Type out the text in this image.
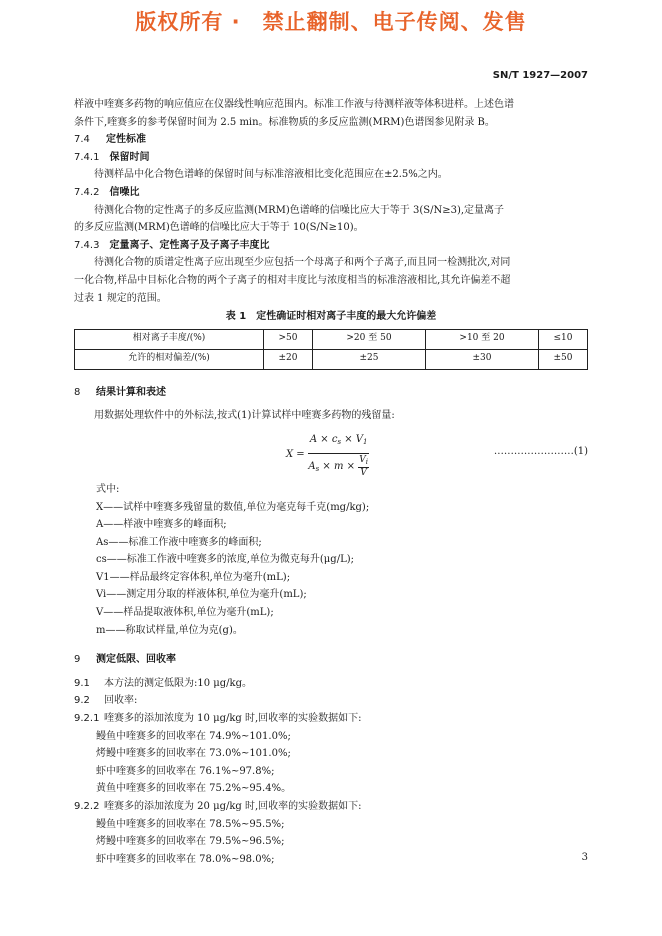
版权所有 ·　禁止翻制、电子传阅、发售
SN/T 1927—2007

样液中喹赛多药物的响应值应在仪器线性响应范围内。标准工作液与待测样液等体积进样。上述色谱

条件下,喹赛多的参考保留时间为 2.5 min。标准物质的多反应监测(MRM)色谱图参见附录 B。

7.4 定性标准

7.4.1 保留时间

待测样品中化合物色谱峰的保留时间与标准溶液相比变化范围应在±2.5%之内。

7.4.2 信噪比

待测化合物的定性离子的多反应监测(MRM)色谱峰的信噪比应大于等于 3(S/N≥3),定量离子

的多反应监测(MRM)色谱峰的信噪比应大于等于 10(S/N≥10)。

7.4.3 定量离子、定性离子及子离子丰度比

待测化合物的质谱定性离子应出现至少应包括一个母离子和两个子离子,而且同一检测批次,对同

一化合物,样品中目标化合物的两个子离子的相对丰度比与浓度相当的标准溶液相比,其允许偏差不超

过表 1 规定的范围。

表 1　定性确证时相对离子丰度的最大允许偏差

相对离子丰度/(%)	>50	>20 至 50	>10 至 20	≤10
允许的相对偏差/(%)	±20	±25	±30	±50

8 结果计算和表述

用数据处理软件中的外标法,按式(1)计算试样中喹赛多药物的残留量:

$X = \frac{A \times c_s \times V_1}{A_s \times m \times \frac{V_i}{V}}$	……………………(1)

式中:

X——试样中喹赛多残留量的数值,单位为毫克每千克(mg/kg);

A——样液中喹赛多的峰面积;

As——标准工作液中喹赛多的峰面积;

cs——标准工作液中喹赛多的浓度,单位为微克每升(μg/L);

V1——样品最终定容体积,单位为毫升(mL);

Vi——测定用分取的样液体积,单位为毫升(mL);

V——样品提取液体积,单位为毫升(mL);

m——称取试样量,单位为克(g)。

9 测定低限、回收率

9.1 本方法的测定低限为:10 μg/kg。

9.2 回收率:

9.2.1 喹赛多的添加浓度为 10 μg/kg 时,回收率的实验数据如下:

鳗鱼中喹赛多的回收率在 74.9%~101.0%;

烤鳗中喹赛多的回收率在 73.0%~101.0%;

虾中喹赛多的回收率在 76.1%~97.8%;

黄鱼中喹赛多的回收率在 75.2%~95.4%。

9.2.2 喹赛多的添加浓度为 20 μg/kg 时,回收率的实验数据如下:

鳗鱼中喹赛多的回收率在 78.5%~95.5%;

烤鳗中喹赛多的回收率在 79.5%~96.5%;

虾中喹赛多的回收率在 78.0%~98.0%;	3
